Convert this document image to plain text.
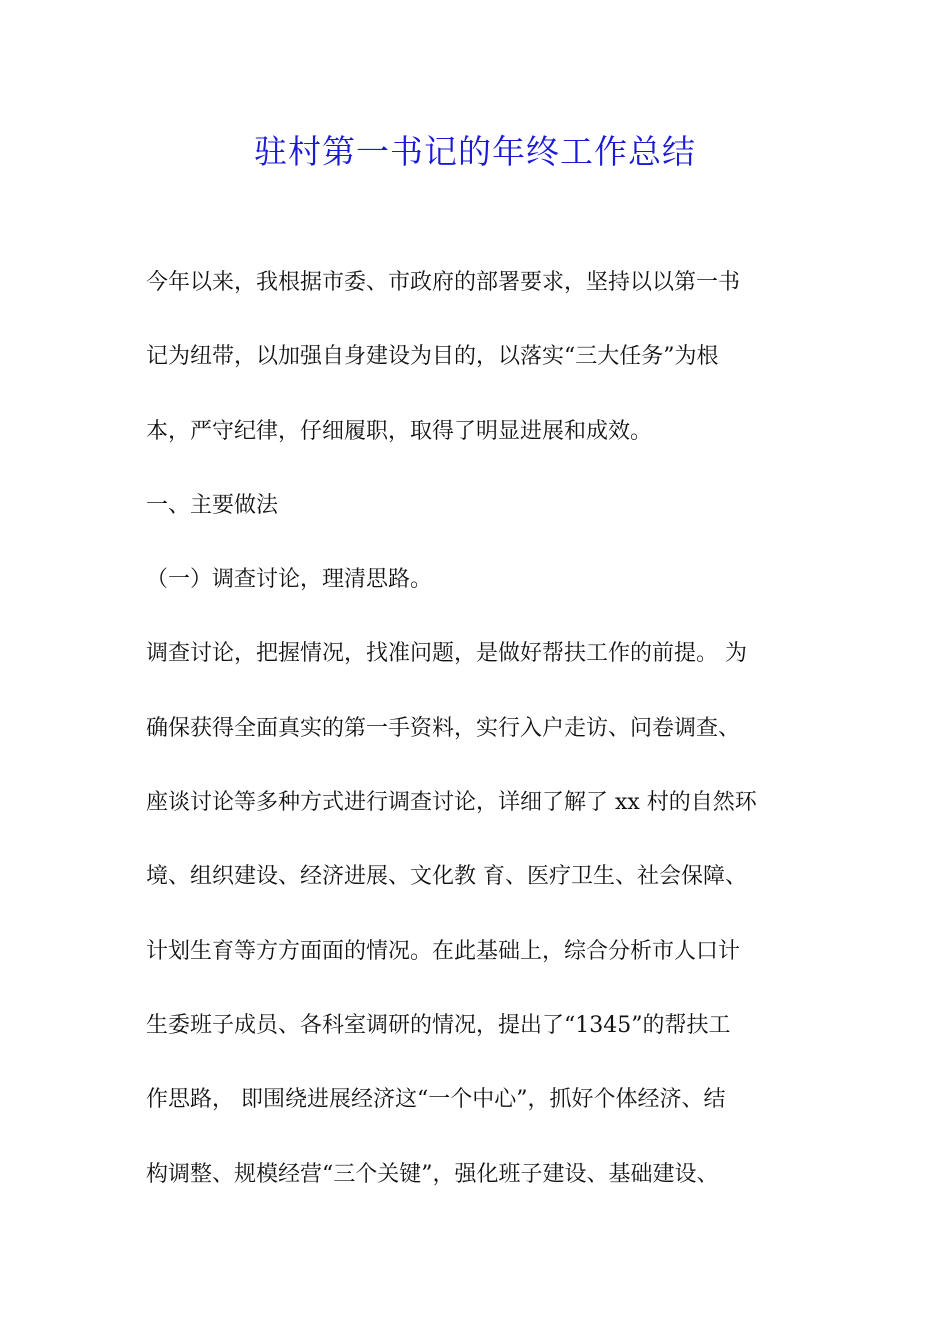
驻村第一书记的年终工作总结
今年以来，我根据市委、市政府的部署要求，坚持以以第一书
记为纽带，以加强自身建设为目的，以落实“三大任务”为根
本，严守纪律，仔细履职，取得了明显进展和成效。
一、主要做法
（一）调查讨论，理清思路。
调查讨论，把握情况，找准问题，是做好帮扶工作的前提。 为
确保获得全面真实的第一手资料，实行入户走访、问卷调查、
座谈讨论等多种方式进行调查讨论，详细了解了 xx 村的自然环
境、组织建设、经济进展、文化教 育、医疗卫生、社会保障、
计划生育等方方面面的情况。在此基础上，综合分析市人口计
生委班子成员、各科室调研的情况，提出了“1345”的帮扶工
作思路， 即围绕进展经济这“一个中心”，抓好个体经济、结
构调整、规模经营“三个关键”，强化班子建设、基础建设、
